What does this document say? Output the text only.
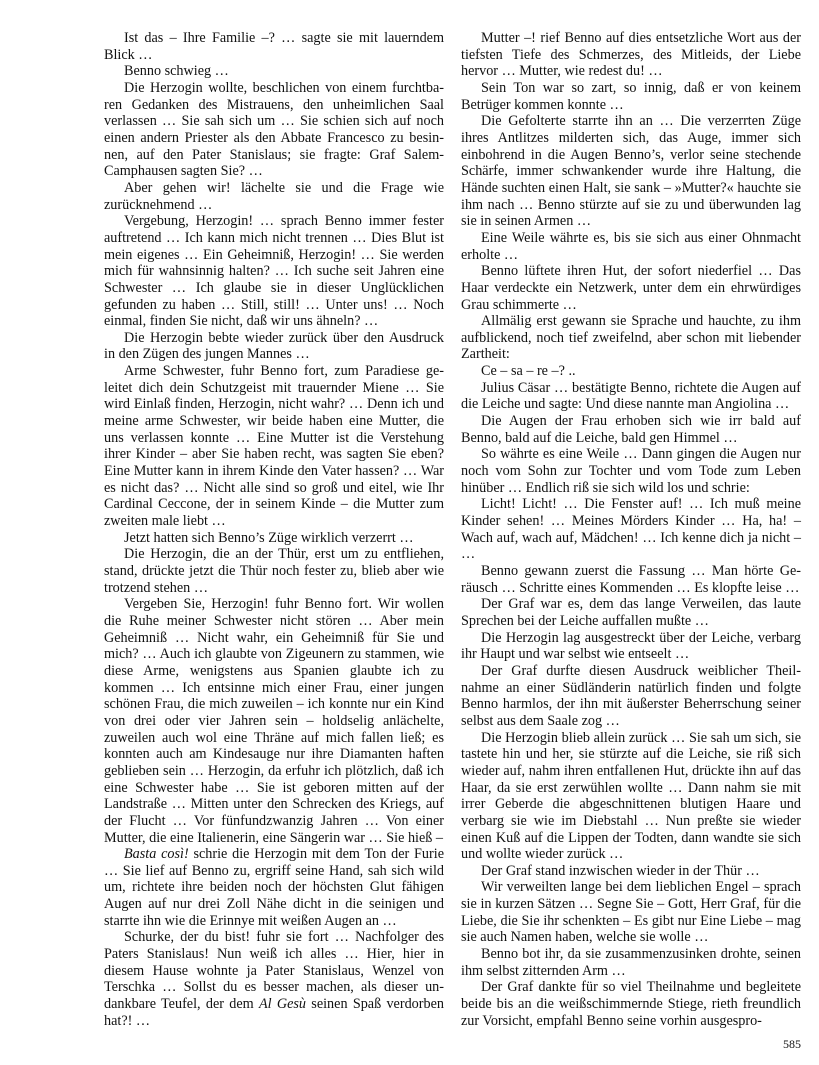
Ist das – Ihre Familie –? … sagte sie mit lauerndem Blick …

Benno schwieg …

Die Herzogin wollte, beschlichen von einem furchtbaren Gedanken des Mistrauens, den unheimlichen Saal verlassen … Sie sah sich um … Sie schien sich auf noch einen andern Priester als den Abbate Francesco zu besinnen, auf den Pater Stanislaus; sie fragte: Graf Salem-Camphausen sagten Sie? …

Aber gehen wir! lächelte sie und die Frage wie zurücknehmend …

Vergebung, Herzogin! … sprach Benno immer fester auftretend … Ich kann mich nicht trennen … Dies Blut ist mein eigenes … Ein Geheimniß, Herzogin! … Sie werden mich für wahnsinnig halten? … Ich suche seit Jahren eine Schwester … Ich glaube sie in dieser Unglücklichen gefunden zu haben … Still, still! … Unter uns! … Noch einmal, finden Sie nicht, daß wir uns ähneln? …

Die Herzogin bebte wieder zurück über den Ausdruck in den Zügen des jungen Mannes …

Arme Schwester, fuhr Benno fort, zum Paradiese geleitet dich dein Schutzgeist mit trauernder Miene … Sie wird Einlaß finden, Herzogin, nicht wahr? … Denn ich und meine arme Schwester, wir beide haben eine Mutter, die uns verlassen konnte … Eine Mutter ist die Verstehung ihrer Kinder – aber Sie haben recht, was sagten Sie eben? Eine Mutter kann in ihrem Kinde den Vater hassen? … War es nicht das? … Nicht alle sind so groß und eitel, wie Ihr Cardinal Ceccone, der in seinem Kinde – die Mutter zum zweiten male liebt …

Jetzt hatten sich Benno’s Züge wirklich verzerrt …

Die Herzogin, die an der Thür, erst um zu entfliehen, stand, drückte jetzt die Thür noch fester zu, blieb aber wie trotzend stehen …

Vergeben Sie, Herzogin! fuhr Benno fort. Wir wollen die Ruhe meiner Schwester nicht stören … Aber mein Geheimniß … Nicht wahr, ein Geheimniß für Sie und mich? … Auch ich glaubte von Zigeunern zu stammen, wie diese Arme, wenigstens aus Spanien glaubte ich zu kommen … Ich entsinne mich einer Frau, einer jungen schönen Frau, die mich zuweilen – ich konnte nur ein Kind von drei oder vier Jahren sein – holdselig anlächelte, zuweilen auch wol eine Thräne auf mich fallen ließ; es konnten auch am Kindesauge nur ihre Diamanten haften geblieben sein … Herzogin, da erfuhr ich plötzlich, daß ich eine Schwester habe … Sie ist geboren mitten auf der Landstraße … Mitten unter den Schrecken des Kriegs, auf der Flucht … Vor fünfundzwanzig Jahren … Von einer Mutter, die eine Italienerin, eine Sängerin war … Sie hieß –

Basta così! schrie die Herzogin mit dem Ton der Furie … Sie lief auf Benno zu, ergriff seine Hand, sah sich wild um, richtete ihre beiden noch der höchsten Glut fähigen Augen auf nur drei Zoll Nähe dicht in die seinigen und starrte ihn wie die Erinnye mit weißen Augen an …

Schurke, der du bist! fuhr sie fort … Nachfolger des Paters Stanislaus! Nun weiß ich alles … Hier, hier in diesem Hause wohnte ja Pater Stanislaus, Wenzel von Terschka … Sollst du es besser machen, als dieser undankbare Teufel, der dem Al Gesù seinen Spaß verdorben hat?! …

Mutter –! rief Benno auf dies entsetzliche Wort aus der tiefsten Tiefe des Schmerzes, des Mitleids, der Liebe hervor … Mutter, wie redest du! …

Sein Ton war so zart, so innig, daß er von keinem Betrüger kommen konnte …

Die Gefolterte starrte ihn an … Die verzerrten Züge ihres Antlitzes milderten sich, das Auge, immer sich einbohrend in die Augen Benno’s, verlor seine stechende Schärfe, immer schwankender wurde ihre Haltung, die Hände suchten einen Halt, sie sank – »Mutter?« hauchte sie ihm nach … Benno stürzte auf sie zu und überwunden lag sie in seinen Armen …

Eine Weile währte es, bis sie sich aus einer Ohnmacht erholte …

Benno lüftete ihren Hut, der sofort niederfiel … Das Haar verdeckte ein Netzwerk, unter dem ein ehrwürdiges Grau schimmerte …

Allmälig erst gewann sie Sprache und hauchte, zu ihm aufblickend, noch tief zweifelnd, aber schon mit liebender Zartheit:

Ce – sa – re –? ..

Julius Cäsar … bestätigte Benno, richtete die Augen auf die Leiche und sagte: Und diese nannte man Angiolina …

Die Augen der Frau erhoben sich wie irr bald auf Benno, bald auf die Leiche, bald gen Himmel …

So währte es eine Weile … Dann gingen die Augen nur noch vom Sohn zur Tochter und vom Tode zum Leben hinüber … Endlich riß sie sich wild los und schrie:

Licht! Licht! … Die Fenster auf! … Ich muß meine Kinder sehen! … Meines Mörders Kinder … Ha, ha! – Wach auf, wach auf, Mädchen! … Ich kenne dich ja nicht – …

Benno gewann zuerst die Fassung … Man hörte Geräusch … Schritte eines Kommenden … Es klopfte leise …

Der Graf war es, dem das lange Verweilen, das laute Sprechen bei der Leiche auffallen mußte …

Die Herzogin lag ausgestreckt über der Leiche, verbarg ihr Haupt und war selbst wie entseelt …

Der Graf durfte diesen Ausdruck weiblicher Theilnahme an einer Südländerin natürlich finden und folgte Benno harmlos, der ihn mit äußerster Beherrschung seiner selbst aus dem Saale zog …

Die Herzogin blieb allein zurück … Sie sah um sich, sie tastete hin und her, sie stürzte auf die Leiche, sie riß sich wieder auf, nahm ihren entfallenen Hut, drückte ihn auf das Haar, da sie erst zerwühlen wollte … Dann nahm sie mit irrer Geberde die abgeschnittenen blutigen Haare und verbarg sie wie im Diebstahl … Nun preßte sie wieder einen Kuß auf die Lippen der Todten, dann wandte sie sich und wollte wieder zurück …

Der Graf stand inzwischen wieder in der Thür …

Wir verweilten lange bei dem lieblichen Engel – sprach sie in kurzen Sätzen … Segne Sie – Gott, Herr Graf, für die Liebe, die Sie ihr schenkten – Es gibt nur Eine Liebe – mag sie auch Namen haben, welche sie wolle …

Benno bot ihr, da sie zusammenzusinken drohte, seinen ihm selbst zitternden Arm …

Der Graf dankte für so viel Theilnahme und begleitete beide bis an die weißschimmernde Stiege, rieth freundlich zur Vorsicht, empfahl Benno seine vorhin ausgespro-

585
